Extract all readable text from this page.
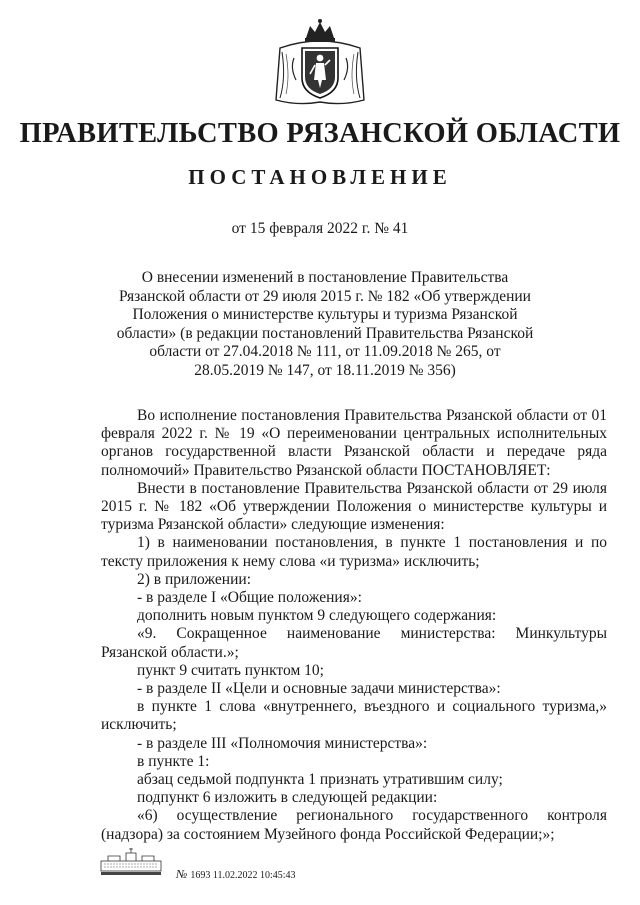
ПРАВИТЕЛЬСТВО РЯЗАНСКОЙ ОБЛАСТИ
ПОСТАНОВЛЕНИЕ
от 15 февраля 2022 г. № 41
О внесении изменений в постановление Правительства
Рязанской области от 29 июля 2015 г. № 182 «Об утверждении
Положения о министерстве культуры и туризма Рязанской
области» (в редакции постановлений Правительства Рязанской
области от 27.04.2018 № 111, от 11.09.2018 № 265, от
28.05.2019 № 147, от 18.11.2019 № 356)

Во исполнение постановления Правительства Рязанской области от 01 февраля 2022 г. № 19 «О переименовании центральных исполнительных органов государственной власти Рязанской области и передаче ряда полномочий» Правительство Рязанской области ПОСТАНОВЛЯЕТ:

Внести в постановление Правительства Рязанской области от 29 июля 2015 г. № 182 «Об утверждении Положения о министерстве культуры и туризма Рязанской области» следующие изменения:

1) в наименовании постановления, в пункте 1 постановления и по тексту приложения к нему слова «и туризма» исключить;

2) в приложении:

- в разделе I «Общие положения»:

дополнить новым пунктом 9 следующего содержания:

«9. Сокращенное наименование министерства: Минкультуры Рязанской области.»;

пункт 9 считать пунктом 10;

- в разделе II «Цели и основные задачи министерства»:

в пункте 1 слова «внутреннего, въездного и социального туризма,» исключить;

- в разделе III «Полномочия министерства»:

в пункте 1:

абзац седьмой подпункта 1 признать утратившим силу;

подпункт 6 изложить в следующей редакции:

«6) осуществление регионального государственного контроля (надзора) за состоянием Музейного фонда Российской Федерации;»;

№ 1693 11.02.2022 10:45:43
